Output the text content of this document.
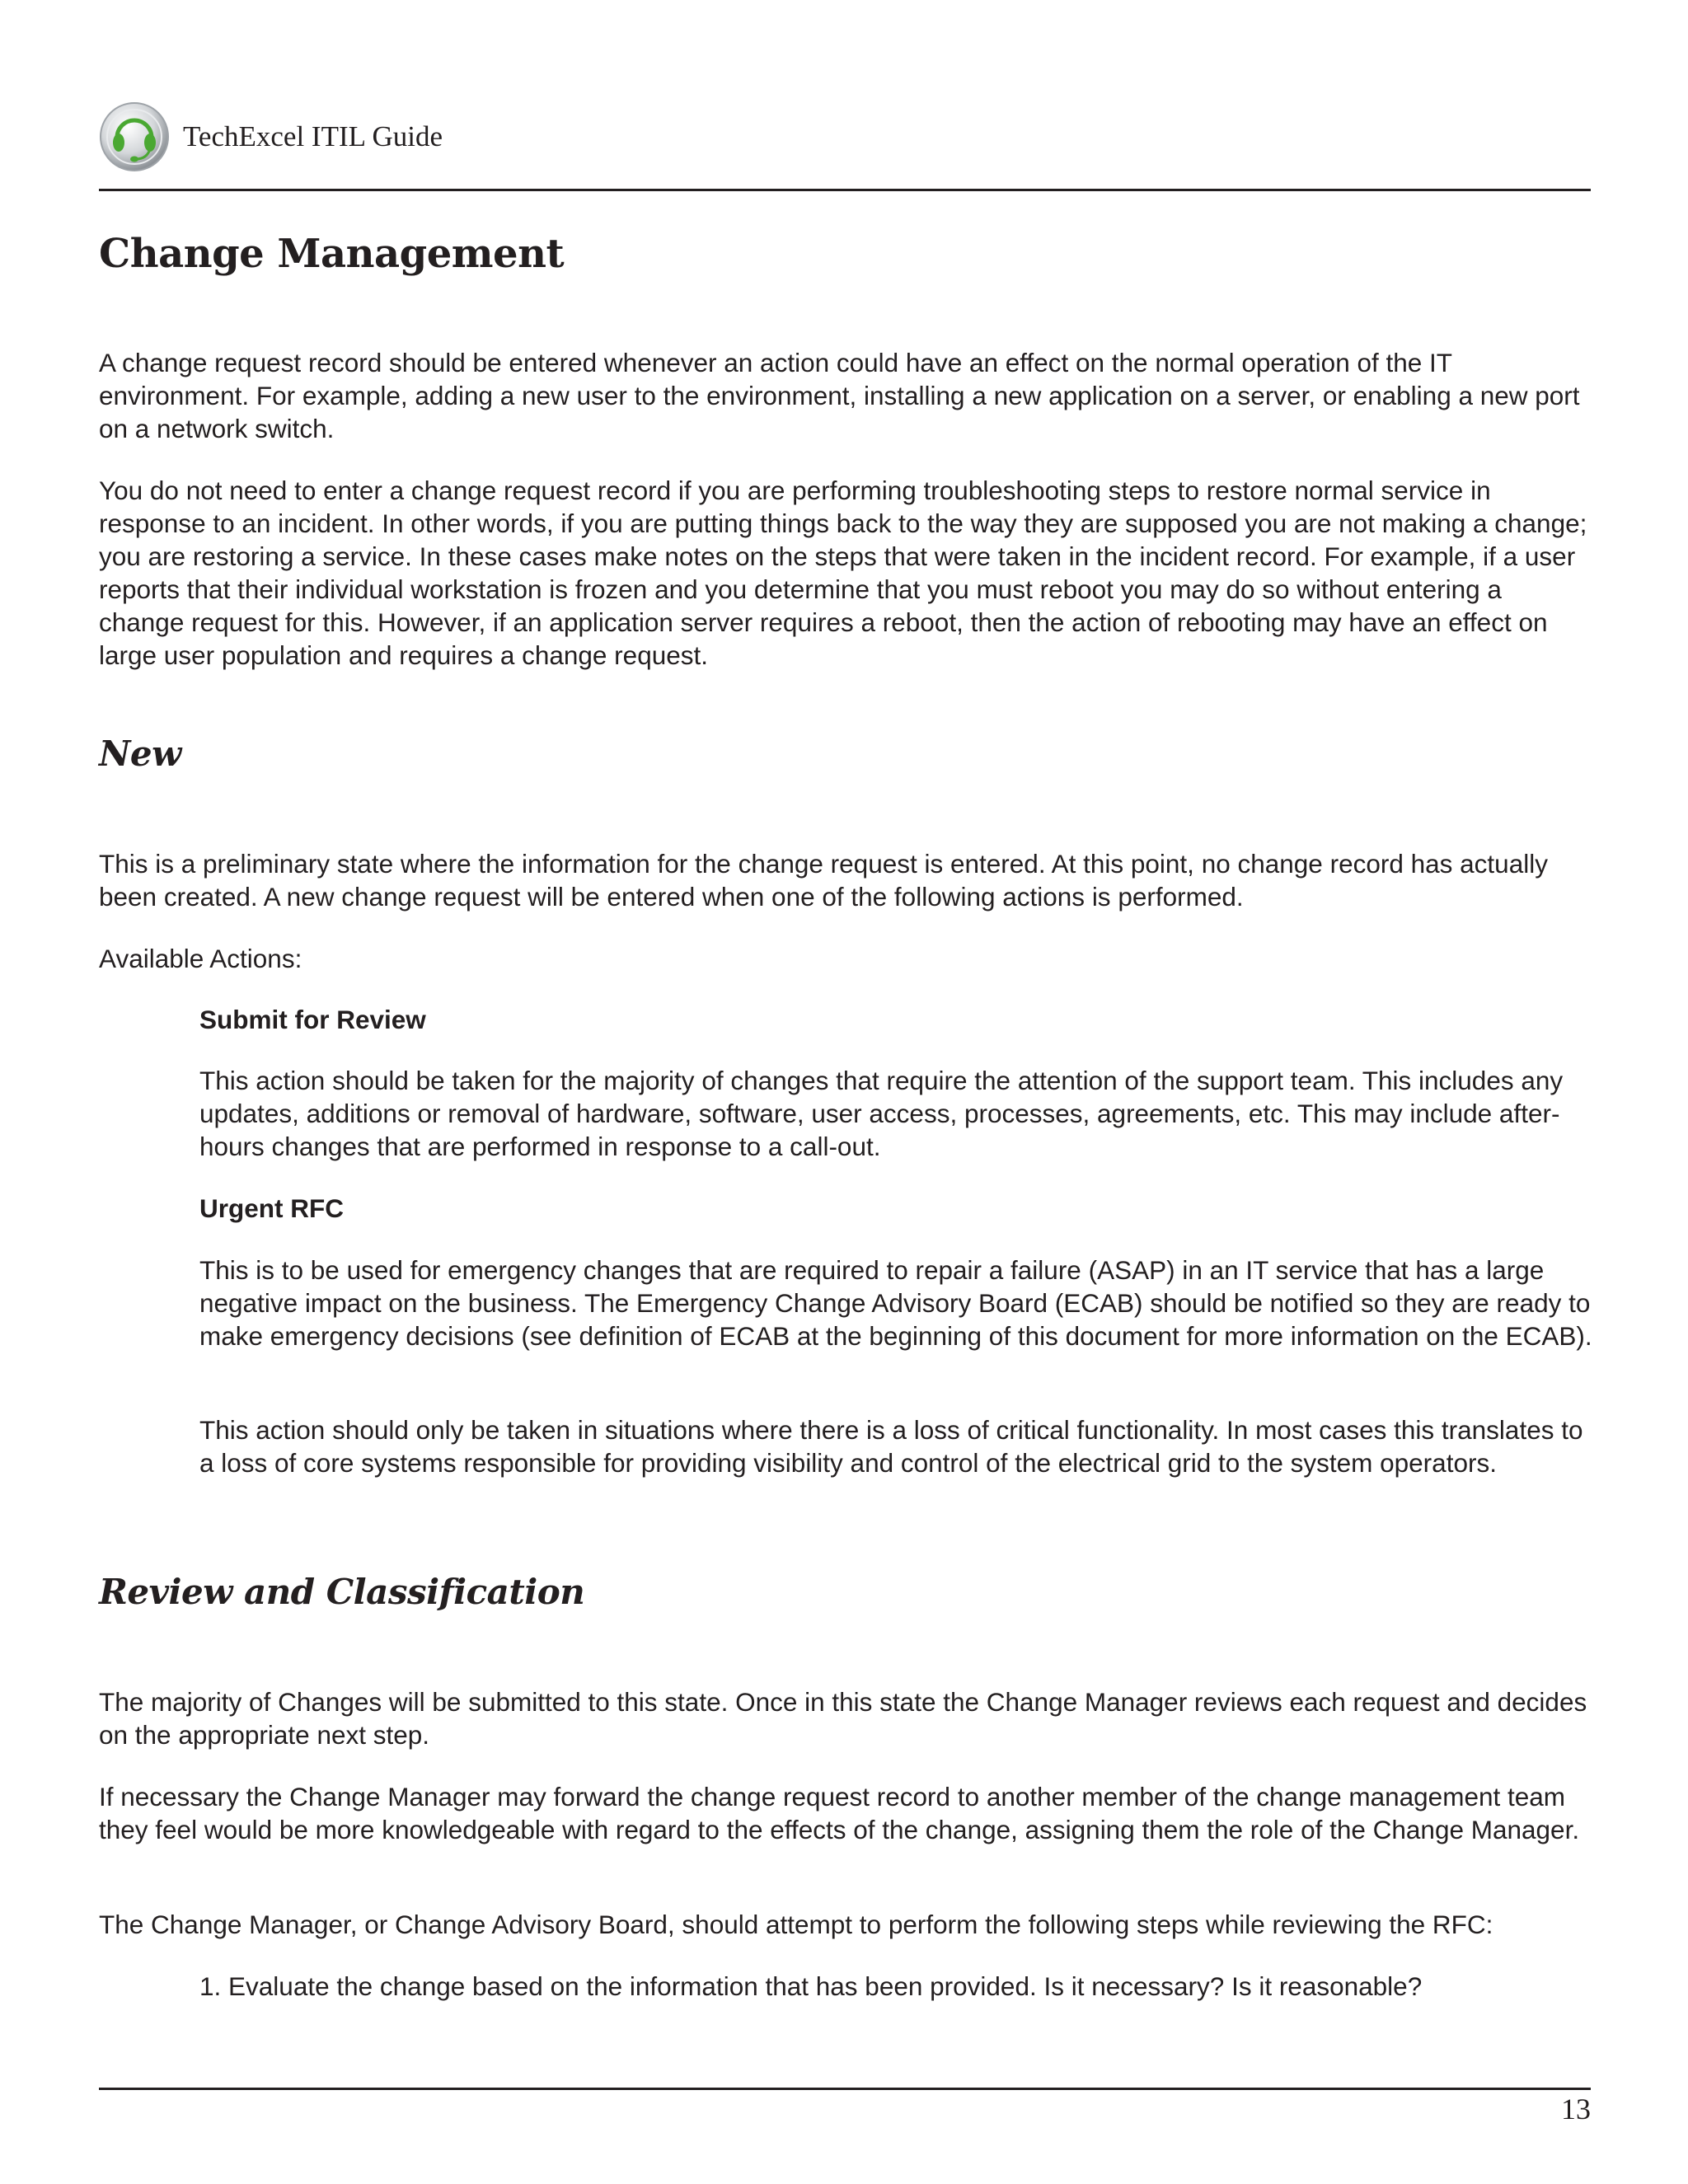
TechExcel ITIL Guide
Change Management

A change request record should be entered whenever an action could have an effect on the normal operation of the IT environment. For example, adding a new user to the environment, installing a new application on a server, or enabling a new port on a network switch.

You do not need to enter a change request record if you are performing troubleshooting steps to restore normal service in response to an incident. In other words, if you are putting things back to the way they are supposed you are not making a change; you are restoring a service. In these cases make notes on the steps that were taken in the incident record. For example, if a user reports that their individual workstation is frozen and you determine that you must reboot you may do so without entering a change request for this. However, if an application server requires a reboot, then the action of rebooting may have an effect on large user population and requires a change request.

New

This is a preliminary state where the information for the change request is entered. At this point, no change record has actually been created. A new change request will be entered when one of the following actions is performed.

Available Actions:

Submit for Review

This action should be taken for the majority of changes that require the attention of the support team. This includes any updates, additions or removal of hardware, software, user access, processes, agreements, etc. This may include after-hours changes that are performed in response to a call-out.

Urgent RFC

This is to be used for emergency changes that are required to repair a failure (ASAP) in an IT service that has a large negative impact on the business. The Emergency Change Advisory Board (ECAB) should be notified so they are ready to make emergency decisions (see definition of ECAB at the beginning of this document for more information on the ECAB).

This action should only be taken in situations where there is a loss of critical functionality. In most cases this translates to a loss of core systems responsible for providing visibility and control of the electrical grid to the system operators.

Review and Classification

The majority of Changes will be submitted to this state. Once in this state the Change Manager reviews each request and decides on the appropriate next step.

If necessary the Change Manager may forward the change request record to another member of the change management team they feel would be more knowledgeable with regard to the effects of the change, assigning them the role of the Change Manager.

The Change Manager, or Change Advisory Board, should attempt to perform the following steps while reviewing the RFC:

1. Evaluate the change based on the information that has been provided. Is it necessary? Is it reasonable?

13
